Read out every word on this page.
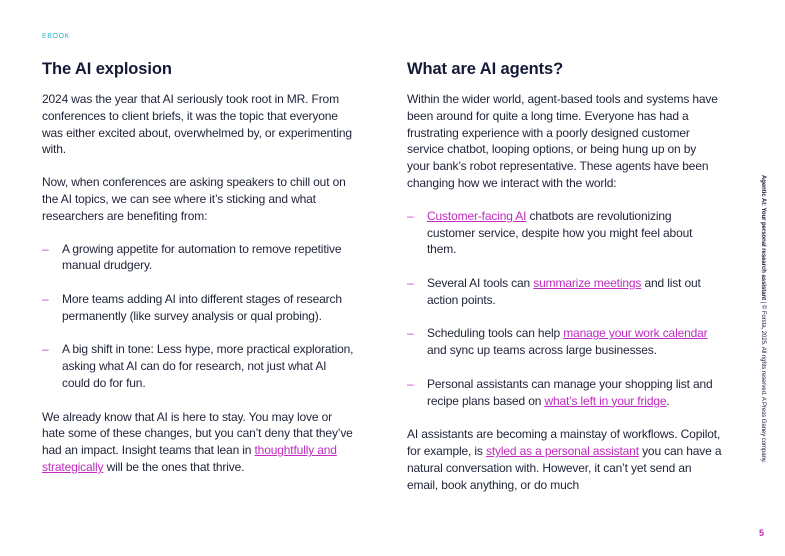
EBOOK
The AI explosion

2024 was the year that AI seriously took root in MR. From conferences to client briefs, it was the topic that everyone was either excited about, overwhelmed by, or experimenting with.

Now, when conferences are asking speakers to chill out on the AI topics, we can see where it’s sticking and what researchers are benefiting from:

– A growing appetite for automation to remove repetitive manual drudgery.
– More teams adding AI into different stages of research permanently (like survey analysis or qual probing).
– A big shift in tone: Less hype, more practical exploration, asking what AI can do for research, not just what AI could do for fun.

We already know that AI is here to stay. You may love or hate some of these changes, but you can’t deny that they’ve had an impact. Insight teams that lean in thoughtfully and strategically will be the ones that thrive.

What are AI agents?

Within the wider world, agent-based tools and systems have been around for quite a long time. Everyone has had a frustrating experience with a poorly designed customer service chatbot, looping options, or being hung up on by your bank’s robot representative. These agents have been changing how we interact with the world:

– Customer-facing AI chatbots are revolutionizing customer service, despite how you might feel about them.
– Several AI tools can summarize meetings and list out action points.
– Scheduling tools can help manage your work calendar and sync up teams across large businesses.
– Personal assistants can manage your shopping list and recipe plans based on what’s left in your fridge.

AI assistants are becoming a mainstay of workflows. Copilot, for example, is styled as a personal assistant you can have a natural conversation with. However, it can’t yet send an email, book anything, or do much

Agentic AI: Your personal research assistant | © Forsta, 2025. All rights reserved. A Press Ganey company.
5
